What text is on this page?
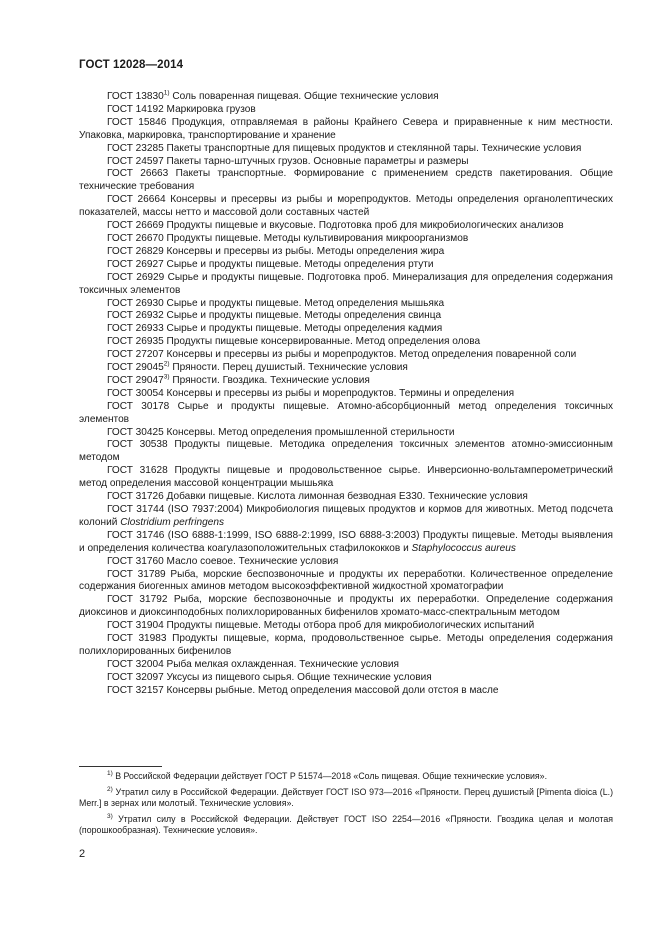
ГОСТ 12028—2014

ГОСТ 13830$^{1)}$ Соль поваренная пищевая. Общие технические условия

ГОСТ 14192 Маркировка грузов

ГОСТ 15846 Продукция, отправляемая в районы Крайнего Севера и приравненные к ним местности. Упаковка, маркировка, транспортирование и хранение

ГОСТ 23285 Пакеты транспортные для пищевых продуктов и стеклянной тары. Технические условия

ГОСТ 24597 Пакеты тарно-штучных грузов. Основные параметры и размеры

ГОСТ 26663 Пакеты транспортные. Формирование с применением средств пакетирования. Общие технические требования

ГОСТ 26664 Консервы и пресервы из рыбы и морепродуктов. Методы определения органолептических показателей, массы нетто и массовой доли составных частей

ГОСТ 26669 Продукты пищевые и вкусовые. Подготовка проб для микробиологических анализов

ГОСТ 26670 Продукты пищевые. Методы культивирования микроорганизмов

ГОСТ 26829 Консервы и пресервы из рыбы. Методы определения жира

ГОСТ 26927 Сырье и продукты пищевые. Методы определения ртути

ГОСТ 26929 Сырье и продукты пищевые. Подготовка проб. Минерализация для определения содержания токсичных элементов

ГОСТ 26930 Сырье и продукты пищевые. Метод определения мышьяка

ГОСТ 26932 Сырье и продукты пищевые. Методы определения свинца

ГОСТ 26933 Сырье и продукты пищевые. Методы определения кадмия

ГОСТ 26935 Продукты пищевые консервированные. Метод определения олова

ГОСТ 27207 Консервы и пресервы из рыбы и морепродуктов. Метод определения поваренной соли

ГОСТ 29045$^{2)}$ Пряности. Перец душистый. Технические условия

ГОСТ 29047$^{3)}$ Пряности. Гвоздика. Технические условия

ГОСТ 30054 Консервы и пресервы из рыбы и морепродуктов. Термины и определения

ГОСТ 30178 Сырье и продукты пищевые. Атомно-абсорбционный метод определения токсичных элементов

ГОСТ 30425 Консервы. Метод определения промышленной стерильности

ГОСТ 30538 Продукты пищевые. Методика определения токсичных элементов атомно-эмиссионным методом

ГОСТ 31628 Продукты пищевые и продовольственное сырье. Инверсионно-вольтамперометрический метод определения массовой концентрации мышьяка

ГОСТ 31726 Добавки пищевые. Кислота лимонная безводная Е330. Технические условия

ГОСТ 31744 (ISO 7937:2004) Микробиология пищевых продуктов и кормов для животных. Метод подсчета колоний Clostridium perfringens

ГОСТ 31746 (ISO 6888-1:1999, ISO 6888-2:1999, ISO 6888-3:2003) Продукты пищевые. Методы выявления и определения количества коагулазоположительных стафилококков и Staphylococcus aureus

ГОСТ 31760 Масло соевое. Технические условия

ГОСТ 31789 Рыба, морские беспозвоночные и продукты их переработки. Количественное определение содержания биогенных аминов методом высокоэффективной жидкостной хроматографии

ГОСТ 31792 Рыба, морские беспозвоночные и продукты их переработки. Определение содержания диоксинов и диоксинподобных полихлорированных бифенилов хромато-масс-спектральным методом

ГОСТ 31904 Продукты пищевые. Методы отбора проб для микробиологических испытаний

ГОСТ 31983 Продукты пищевые, корма, продовольственное сырье. Методы определения содержания полихлорированных бифенилов

ГОСТ 32004 Рыба мелкая охлажденная. Технические условия

ГОСТ 32097 Уксусы из пищевого сырья. Общие технические условия

ГОСТ 32157 Консервы рыбные. Метод определения массовой доли отстоя в масле

$^{1)}$ В Российской Федерации действует ГОСТ Р 51574—2018 «Соль пищевая. Общие технические условия».

$^{2)}$ Утратил силу в Российской Федерации. Действует ГОСТ ISO 973—2016 «Пряности. Перец душистый [Pimenta dioica (L.) Merr.] в зернах или молотый. Технические условия».

$^{3)}$ Утратил силу в Российской Федерации. Действует ГОСТ ISO 2254—2016 «Пряности. Гвоздика целая и молотая (порошкообразная). Технические условия».

2
